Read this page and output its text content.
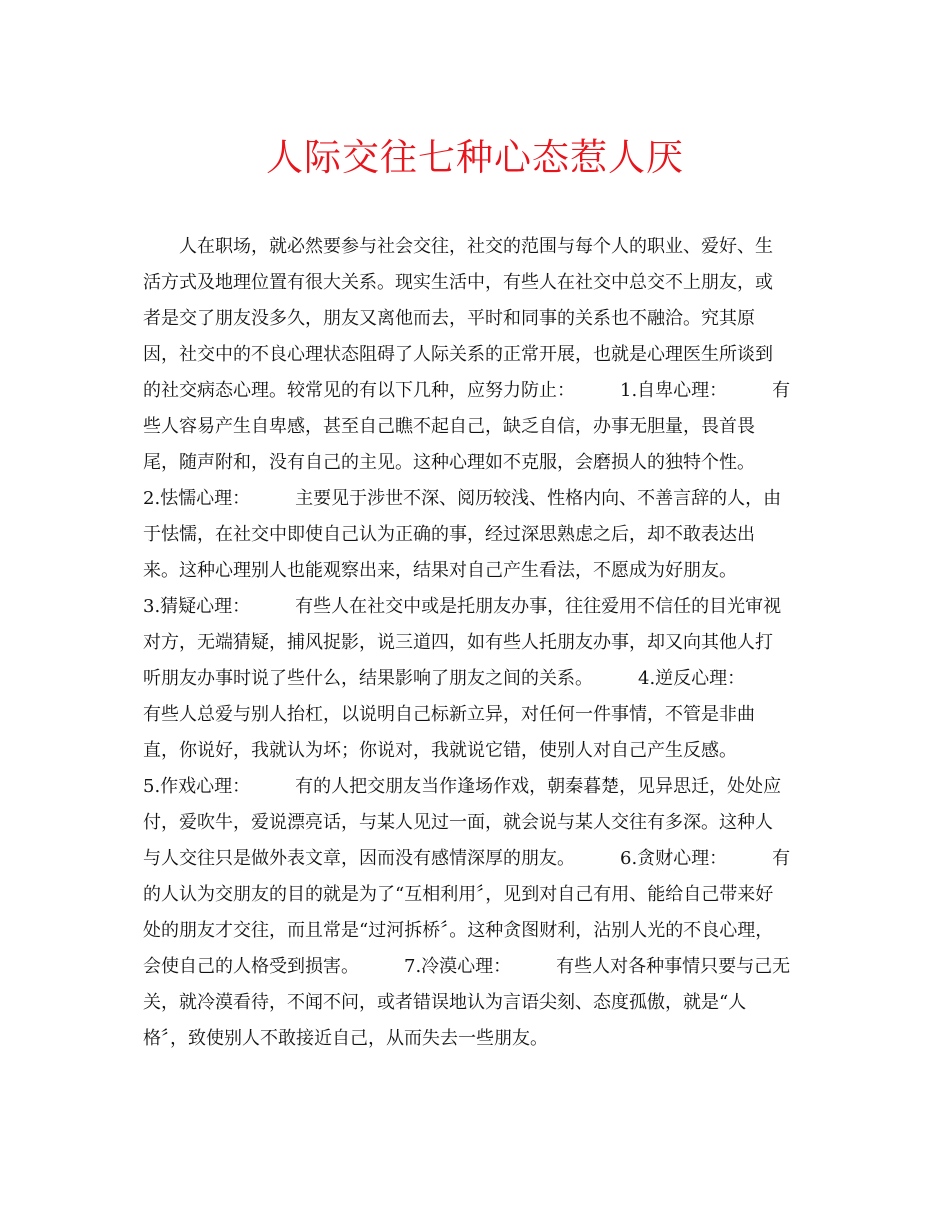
人际交往七种心态惹人厌
　　人在职场，就必然要参与社会交往，社交的范围与每个人的职业、爱好、生
活方式及地理位置有很大关系。现实生活中，有些人在社交中总交不上朋友，或
者是交了朋友没多久，朋友又离他而去，平时和同事的关系也不融洽。究其原
因，社交中的不良心理状态阻碍了人际关系的正常开展，也就是心理医生所谈到
的社交病态心理。较常见的有以下几种，应努力防止：　　　1.自卑心理：　　　有
些人容易产生自卑感，甚至自己瞧不起自己，缺乏自信，办事无胆量，畏首畏
尾，随声附和，没有自己的主见。这种心理如不克服，会磨损人的独特个性。
2.怯懦心理：　　　主要见于涉世不深、阅历较浅、性格内向、不善言辞的人，由
于怯懦，在社交中即使自己认为正确的事，经过深思熟虑之后，却不敢表达出
来。这种心理别人也能观察出来，结果对自己产生看法，不愿成为好朋友。
3.猜疑心理：　　　有些人在社交中或是托朋友办事，往往爱用不信任的目光审视
对方，无端猜疑，捕风捉影，说三道四，如有些人托朋友办事，却又向其他人打
听朋友办事时说了些什么，结果影响了朋友之间的关系。　　　4.逆反心理：
有些人总爱与别人抬杠，以说明自己标新立异，对任何一件事情，不管是非曲
直，你说好，我就认为坏；你说对，我就说它错，使别人对自己产生反感。
5.作戏心理：　　　有的人把交朋友当作逢场作戏，朝秦暮楚，见异思迁，处处应
付，爱吹牛，爱说漂亮话，与某人见过一面，就会说与某人交往有多深。这种人
与人交往只是做外表文章，因而没有感情深厚的朋友。　　　6.贪财心理：　　　有
的人认为交朋友的目的就是为了“互相利用〞，见到对自己有用、能给自己带来好
处的朋友才交往，而且常是“过河拆桥〞。这种贪图财利，沾别人光的不良心理，
会使自己的人格受到损害。　　　7.冷漠心理：　　　有些人对各种事情只要与己无
关，就冷漠看待，不闻不问，或者错误地认为言语尖刻、态度孤傲，就是“人
格〞，致使别人不敢接近自己，从而失去一些朋友。
